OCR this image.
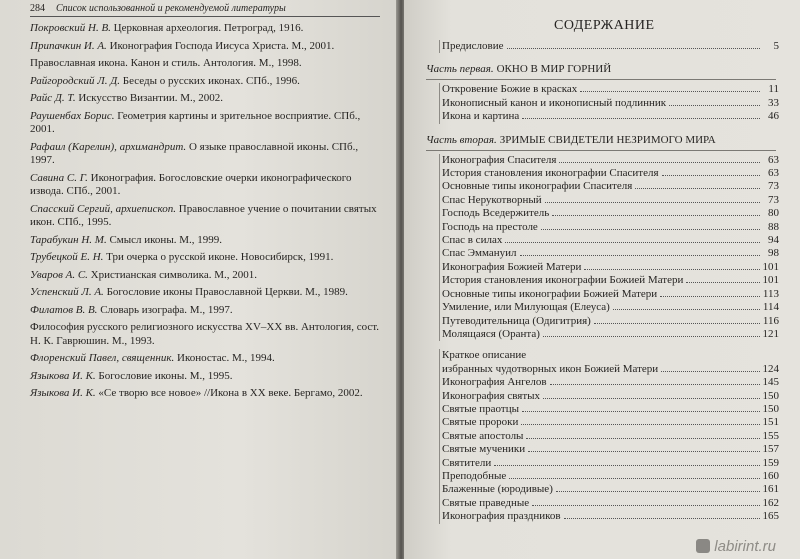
284 Список использованной и рекомендуемой литературы
Покровский Н. В. Церковная археология. Петроград, 1916.
Припачкин И. А. Иконография Господа Иисуса Христа. М., 2001.
Православная икона. Канон и стиль. Антология. М., 1998.
Райгородский Л. Д. Беседы о русских иконах. СПб., 1996.
Райс Д. Т. Искусство Византии. М., 2002.
Раушенбах Борис. Геометрия картины и зрительное восприятие. СПб., 2001.
Рафаил (Карелин), архимандрит. О языке православной иконы. СПб., 1997.
Савина С. Г. Иконография. Богословские очерки иконографического извода. СПб., 2001.
Спасский Сергий, архиепископ. Православное учение о почитании святых икон. СПб., 1995.
Тарабукин Н. М. Смысл иконы. М., 1999.
Трубецкой Е. Н. Три очерка о русской иконе. Новосибирск, 1991.
Уваров А. С. Христианская символика. М., 2001.
Успенский Л. А. Богословие иконы Православной Церкви. М., 1989.
Филатов В. В. Словарь изографа. М., 1997.
Философия русского религиозного искусства XV–XX вв. Антология, сост. Н. К. Гаврюшин. М., 1993.
Флоренский Павел, священник. Иконостас. М., 1994.
Языкова И. К. Богословие иконы. М., 1995.
Языкова И. К. «Се творю все новое» //Икона в XX веке. Бергамо, 2002.
СОДЕРЖАНИЕ
Предисловие	5
Часть первая. ОКНО В МИР ГОРНИЙ
Откровение Божие в красках	11
Иконописный канон и иконописный подлинник	33
Икона и картина	46
Часть вторая. ЗРИМЫЕ СВИДЕТЕЛИ НЕЗРИМОГО МИРА
Иконография Спасителя	63
История становления иконографии Спасителя	63
Основные типы иконографии Спасителя	73
Спас Нерукотворный	73
Господь Вседержитель	80
Господь на престоле	88
Спас в силах	94
Спас Эммануил	98
Иконография Божией Матери	101
История становления иконографии Божией Матери	101
Основные типы иконографии Божией Матери	113
Умиление, или Милующая (Елеуса)	114
Путеводительница (Одигитрия)	116
Молящаяся (Оранта)	121
Краткое описание
избранных чудотворных икон Божией Матери	124
Иконография Ангелов	145
Иконография святых	150
Святые праотцы	150
Святые пророки	151
Святые апостолы	155
Святые мученики	157
Святители	159
Преподобные	160
Блаженные (юродивые)	161
Святые праведные	162
Иконография праздников	165
labirint.ru
